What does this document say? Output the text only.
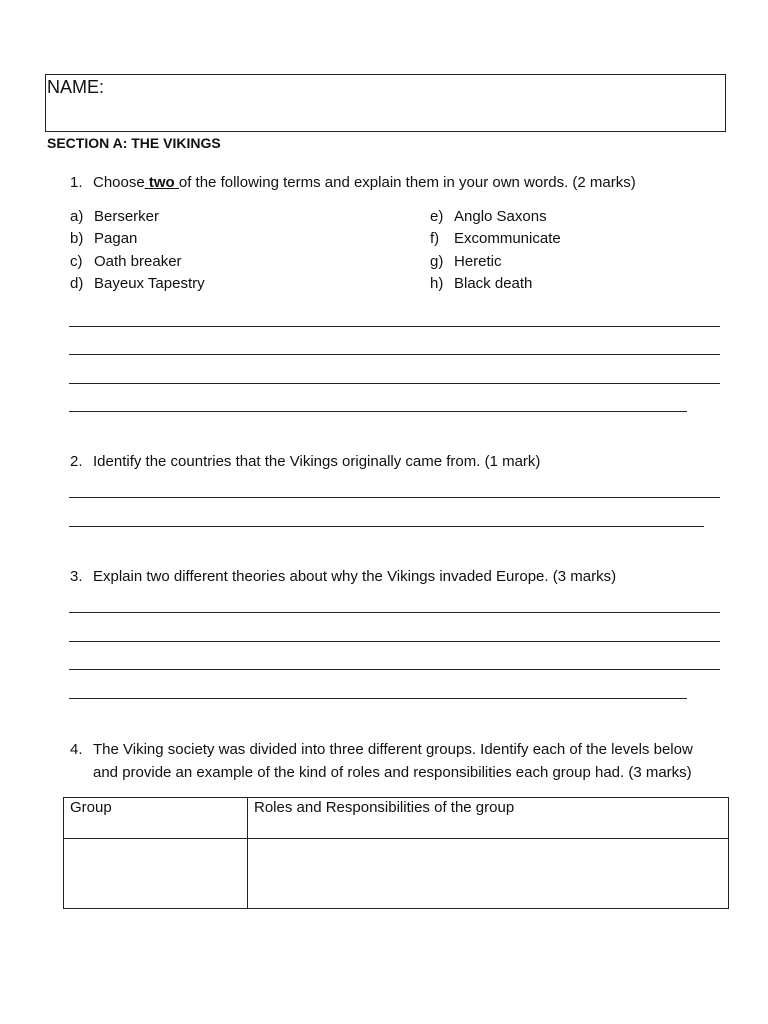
NAME:
SECTION A: THE VIKINGS
1. Choose two of the following terms and explain them in your own words. (2 marks)
a) Berserker
b) Pagan
c) Oath breaker
d) Bayeux Tapestry
e) Anglo Saxons
f) Excommunicate
g) Heretic
h) Black death
2. Identify the countries that the Vikings originally came from. (1 mark)
3. Explain two different theories about why the Vikings invaded Europe. (3 marks)
4. The Viking society was divided into three different groups. Identify each of the levels below
and provide an example of the kind of roles and responsibilities each group had. (3 marks)
Group	Roles and Responsibilities of the group
